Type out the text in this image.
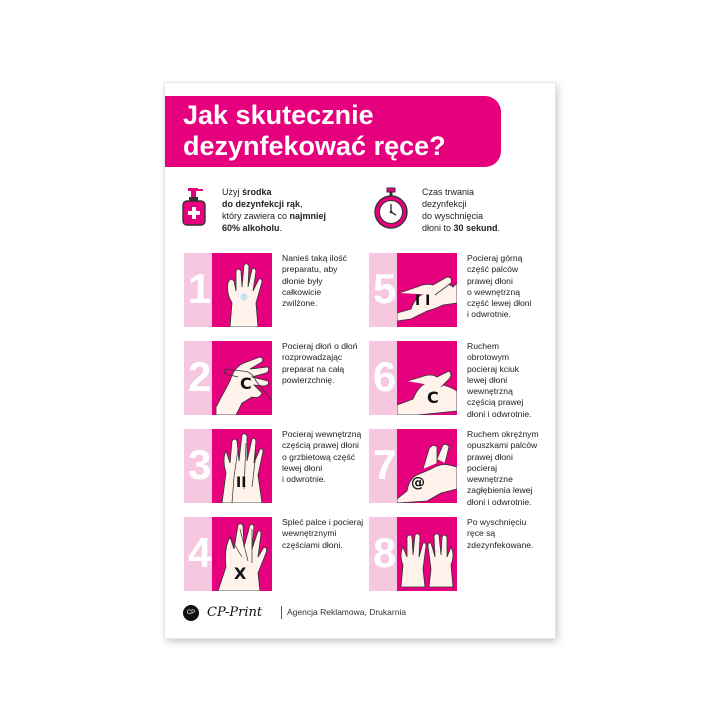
Jak skutecznie
dezynfekować ręce?
Użyj środka
do dezynfekcji rąk,
który zawiera co najmniej
60% alkoholu.
Czas trwania
dezynfekcji
do wyschnięcia
dłoni to 30 sekund.
1
Nanieś taką ilość
preparatu, aby
dłonie były
całkowicie
zwilżone.
2 C
Pocieraj dłoń o dłoń
rozprowadzając
preparat na całą
powierzchnię.
3 II
Pocieraj wewnętrzną
częścią prawej dłoni
o grzbietową część
lewej dłoni
i odwrotnie.
4 X
Spleć palce i pocieraj
wewnętrznymi
częściami dłoni.
5 I I
Pocieraj górną
część palców
prawej dłoni
o wewnętrzną
część lewej dłoni
i odwrotnie.
6 C
Ruchem
obrotowym
pocieraj kciuk
lewej dłoni
wewnętrzną
częścią prawej
dłoni i odwrotnie.
7 @
Ruchem okrężnym
opuszkami palców
prawej dłoni
pocieraj
wewnętrzne
zagłębienia lewej
dłoni i odwrotnie.
8
Po wyschnięciu
ręce są
zdezynfekowane.
CP CP-Print	Agencja Reklamowa, Drukarnia
